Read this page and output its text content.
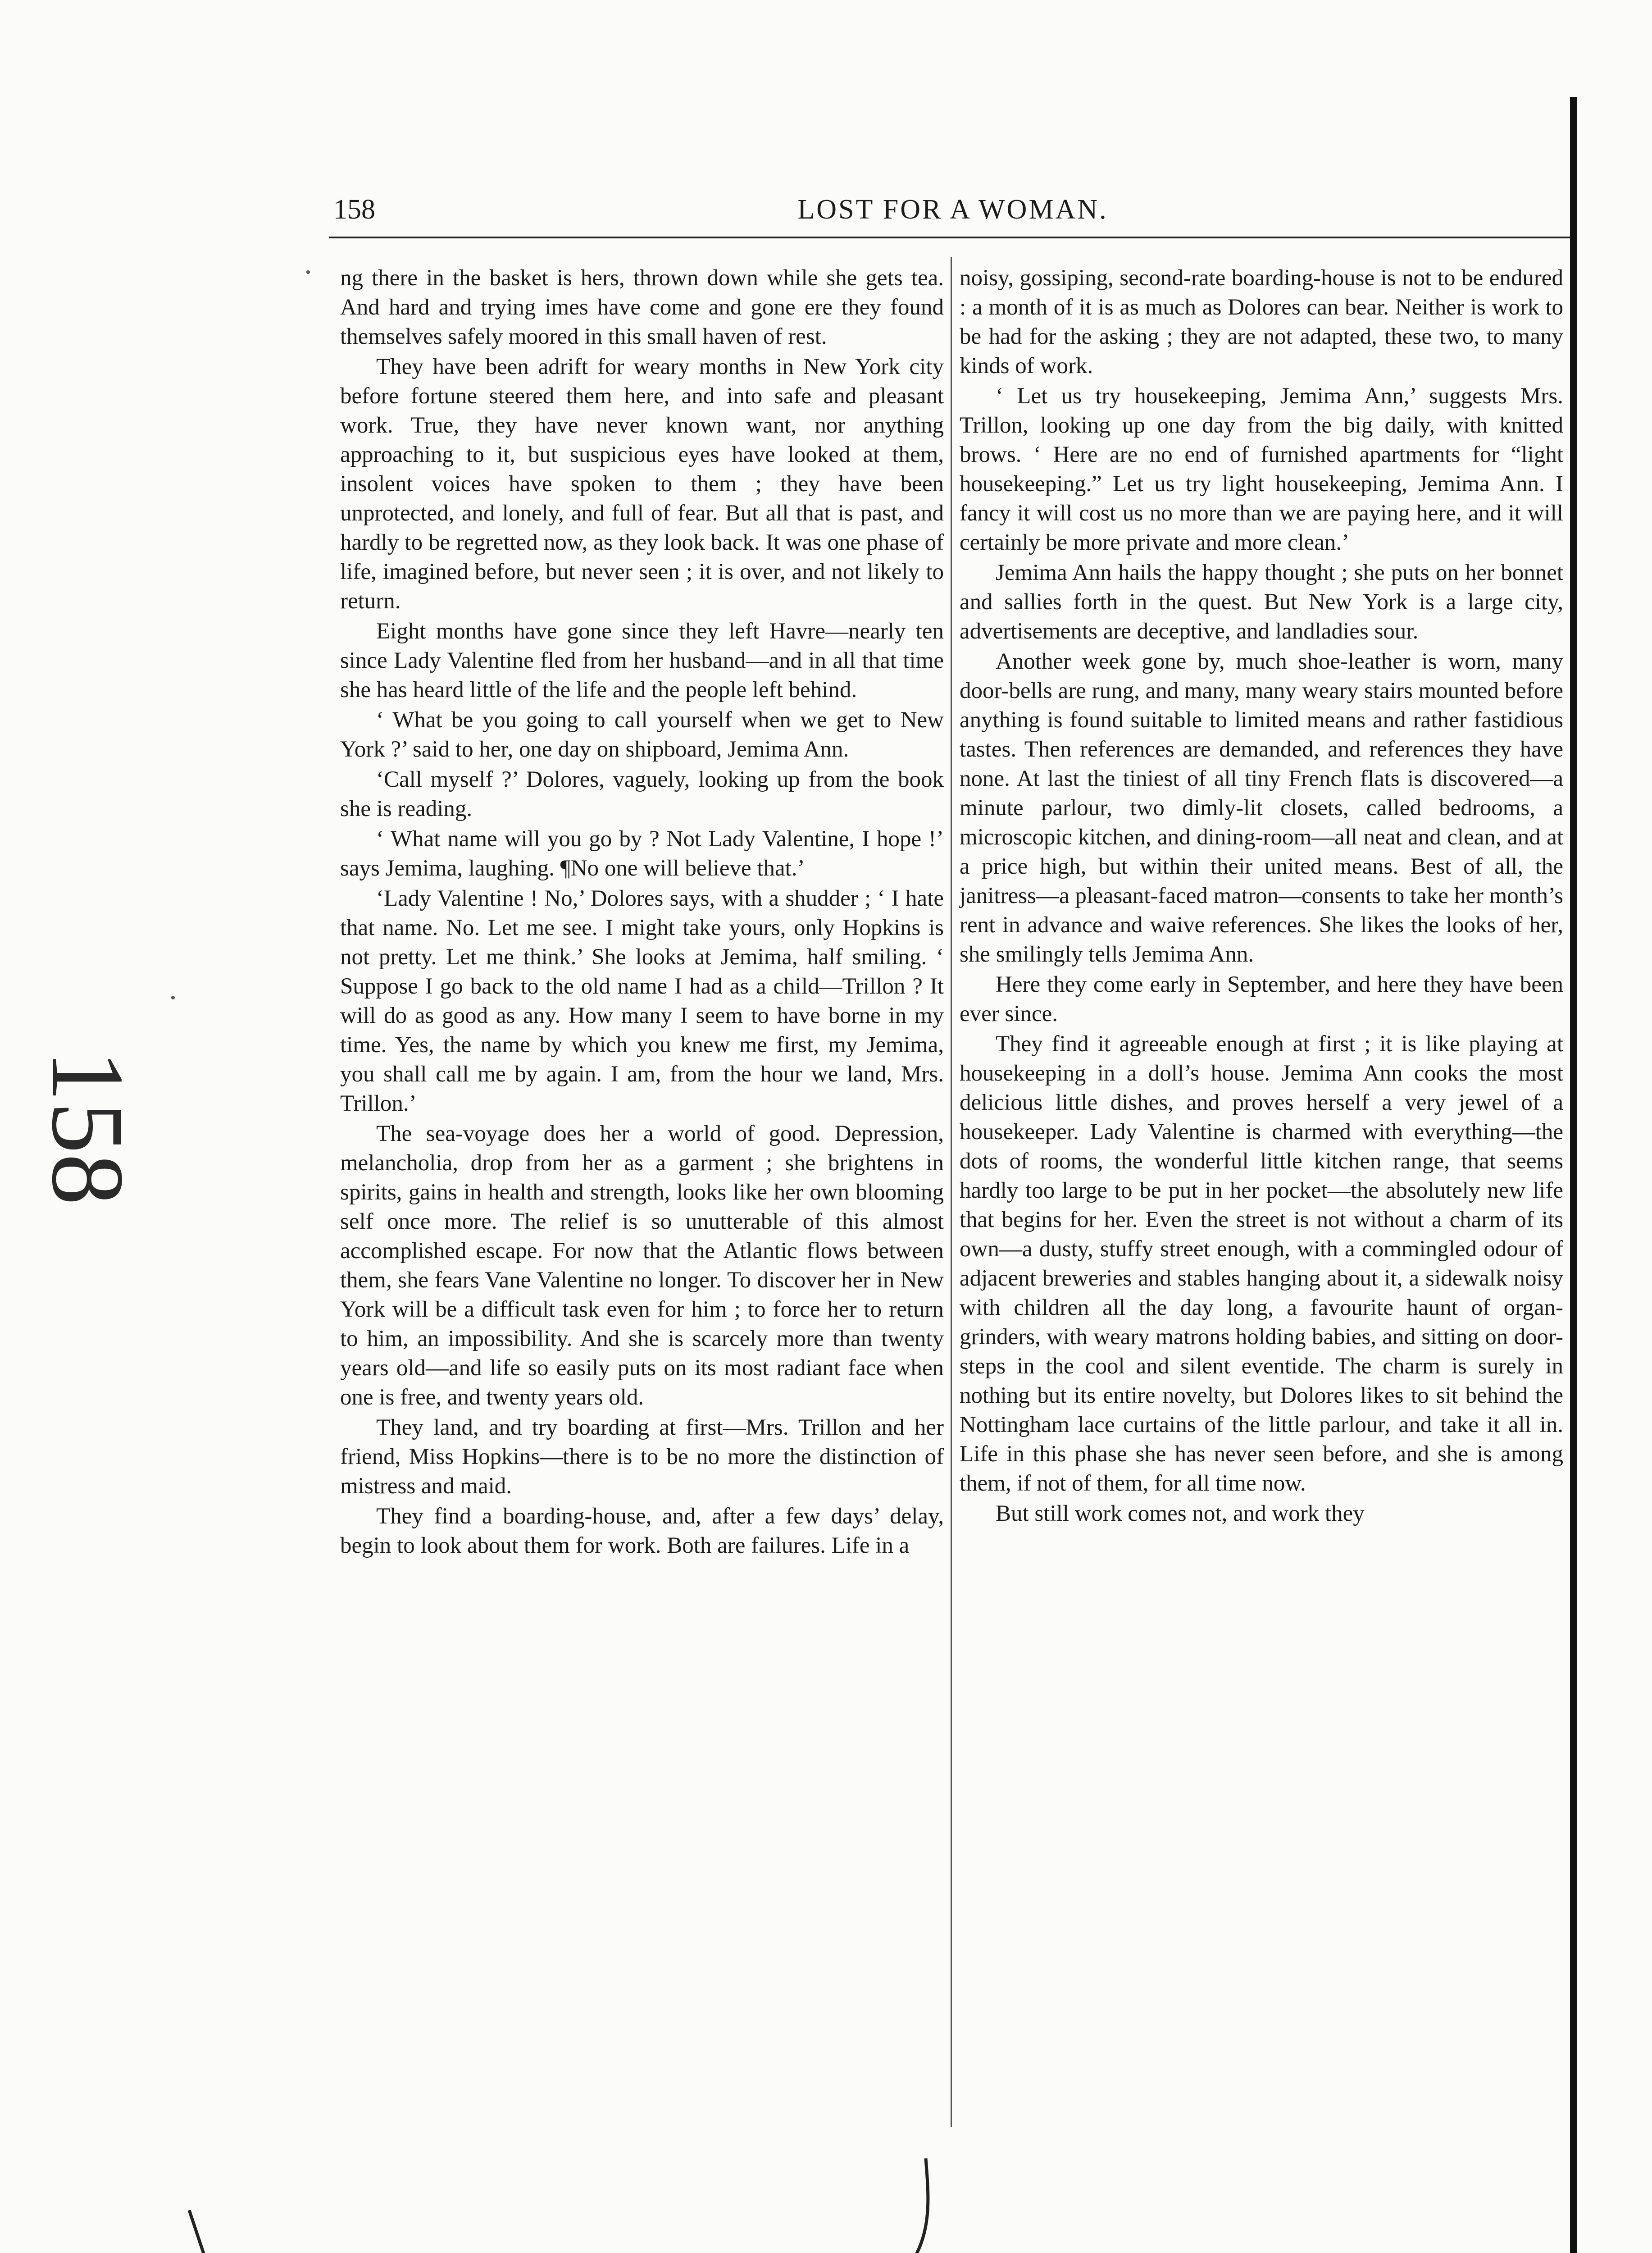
158	LOST FOR A WOMAN.
158

ng there in the basket is hers, thrown down while she gets tea. And hard and trying imes have come and gone ere they found themselves safely moored in this small haven of rest.

They have been adrift for weary months in New York city before fortune steered them here, and into safe and pleasant work. True, they have never known want, nor anything approaching to it, but suspicious eyes have looked at them, insolent voices have spoken to them ; they have been unprotected, and lonely, and full of fear. But all that is past, and hardly to be regretted now, as they look back. It was one phase of life, imagined before, but never seen ; it is over, and not likely to return.

Eight months have gone since they left Havre—nearly ten since Lady Valentine fled from her husband—and in all that time she has heard little of the life and the people left behind.

‘ What be you going to call yourself when we get to New York ?’ said to her, one day on shipboard, Jemima Ann.

‘Call myself ?’ Dolores, vaguely, looking up from the book she is reading.

‘ What name will you go by ? Not Lady Valentine, I hope !’ says Jemima, laughing. ¶No one will believe that.’

‘Lady Valentine ! No,’ Dolores says, with a shudder ; ‘ I hate that name. No. Let me see. I might take yours, only Hopkins is not pretty. Let me think.’ She looks at Jemima, half smiling. ‘ Suppose I go back to the old name I had as a child—Trillon ? It will do as good as any. How many I seem to have borne in my time. Yes, the name by which you knew me first, my Jemima, you shall call me by again. I am, from the hour we land, Mrs. Trillon.’

The sea-voyage does her a world of good. Depression, melancholia, drop from her as a garment ; she brightens in spirits, gains in health and strength, looks like her own blooming self once more. The relief is so unutterable of this almost accomplished escape. For now that the Atlantic flows between them, she fears Vane Valentine no longer. To discover her in New York will be a difficult task even for him ; to force her to return to him, an impossibility. And she is scarcely more than twenty years old—and life so easily puts on its most radiant face when one is free, and twenty years old.

They land, and try boarding at first—Mrs. Trillon and her friend, Miss Hopkins—there is to be no more the distinction of mistress and maid.

They find a boarding-house, and, after a few days’ delay, begin to look about them for work. Both are failures. Life in a

noisy, gossiping, second-rate boarding-house is not to be endured : a month of it is as much as Dolores can bear. Neither is work to be had for the asking ; they are not adapted, these two, to many kinds of work.

‘ Let us try housekeeping, Jemima Ann,’ suggests Mrs. Trillon, looking up one day from the big daily, with knitted brows. ‘ Here are no end of furnished apartments for “light housekeeping.” Let us try light housekeeping, Jemima Ann. I fancy it will cost us no more than we are paying here, and it will certainly be more private and more clean.’

Jemima Ann hails the happy thought ; she puts on her bonnet and sallies forth in the quest. But New York is a large city, advertisements are deceptive, and landladies sour.

Another week gone by, much shoe-leather is worn, many door-bells are rung, and many, many weary stairs mounted before anything is found suitable to limited means and rather fastidious tastes. Then references are demanded, and references they have none. At last the tiniest of all tiny French flats is discovered—a minute parlour, two dimly-lit closets, called bedrooms, a microscopic kitchen, and dining-room—all neat and clean, and at a price high, but within their united means. Best of all, the janitress—a pleasant-faced matron—consents to take her month’s rent in advance and waive references. She likes the looks of her, she smilingly tells Jemima Ann.

Here they come early in September, and here they have been ever since.

They find it agreeable enough at first ; it is like playing at housekeeping in a doll’s house. Jemima Ann cooks the most delicious little dishes, and proves herself a very jewel of a housekeeper. Lady Valentine is charmed with everything—the dots of rooms, the wonderful little kitchen range, that seems hardly too large to be put in her pocket—the absolutely new life that begins for her. Even the street is not without a charm of its own—a dusty, stuffy street enough, with a commingled odour of adjacent breweries and stables hanging about it, a sidewalk noisy with children all the day long, a favourite haunt of organ-grinders, with weary matrons holding babies, and sitting on door-steps in the cool and silent eventide. The charm is surely in nothing but its entire novelty, but Dolores likes to sit behind the Nottingham lace curtains of the little parlour, and take it all in. Life in this phase she has never seen before, and she is among them, if not of them, for all time now.

But still work comes not, and work they
